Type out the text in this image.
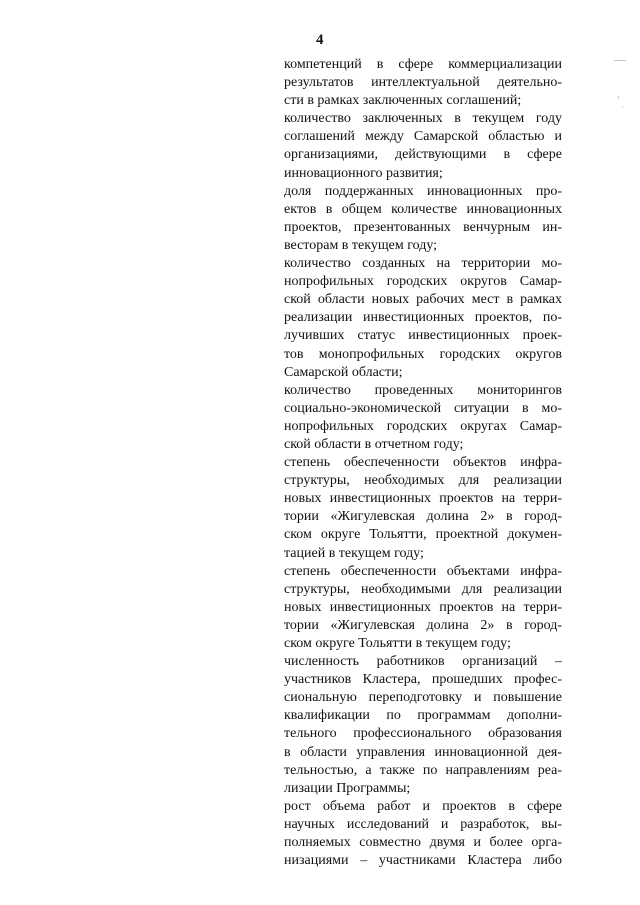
4
компетенций в сфере коммерциализации
результатов интеллектуальной деятельно-
сти в рамках заключенных соглашений;
количество заключенных в текущем году
соглашений между Самарской областью и
организациями, действующими в сфере
инновационного развития;
доля поддержанных инновационных про-
ектов в общем количестве инновационных
проектов, презентованных венчурным ин-
весторам в текущем году;
количество созданных на территории мо-
нопрофильных городских округов Самар-
ской области новых рабочих мест в рамках
реализации инвестиционных проектов, по-
лучивших статус инвестиционных проек-
тов монопрофильных городских округов
Самарской области;
количество проведенных мониторингов
социально-экономической ситуации в мо-
нопрофильных городских округах Самар-
ской области в отчетном году;
степень обеспеченности объектов инфра-
структуры, необходимых для реализации
новых инвестиционных проектов на терри-
тории «Жигулевская долина 2» в город-
ском округе Тольятти, проектной докумен-
тацией в текущем году;
степень обеспеченности объектами инфра-
структуры, необходимыми для реализации
новых инвестиционных проектов на терри-
тории «Жигулевская долина 2» в город-
ском округе Тольятти в текущем году;
численность работников организаций –
участников Кластера, прошедших профес-
сиональную переподготовку и повышение
квалификации по программам дополни-
тельного профессионального образования
в области управления инновационной дея-
тельностью, а также по направлениям реа-
лизации Программы;
рост объема работ и проектов в сфере
научных исследований и разработок, вы-
полняемых совместно двумя и более орга-
низациями – участниками Кластера либо
